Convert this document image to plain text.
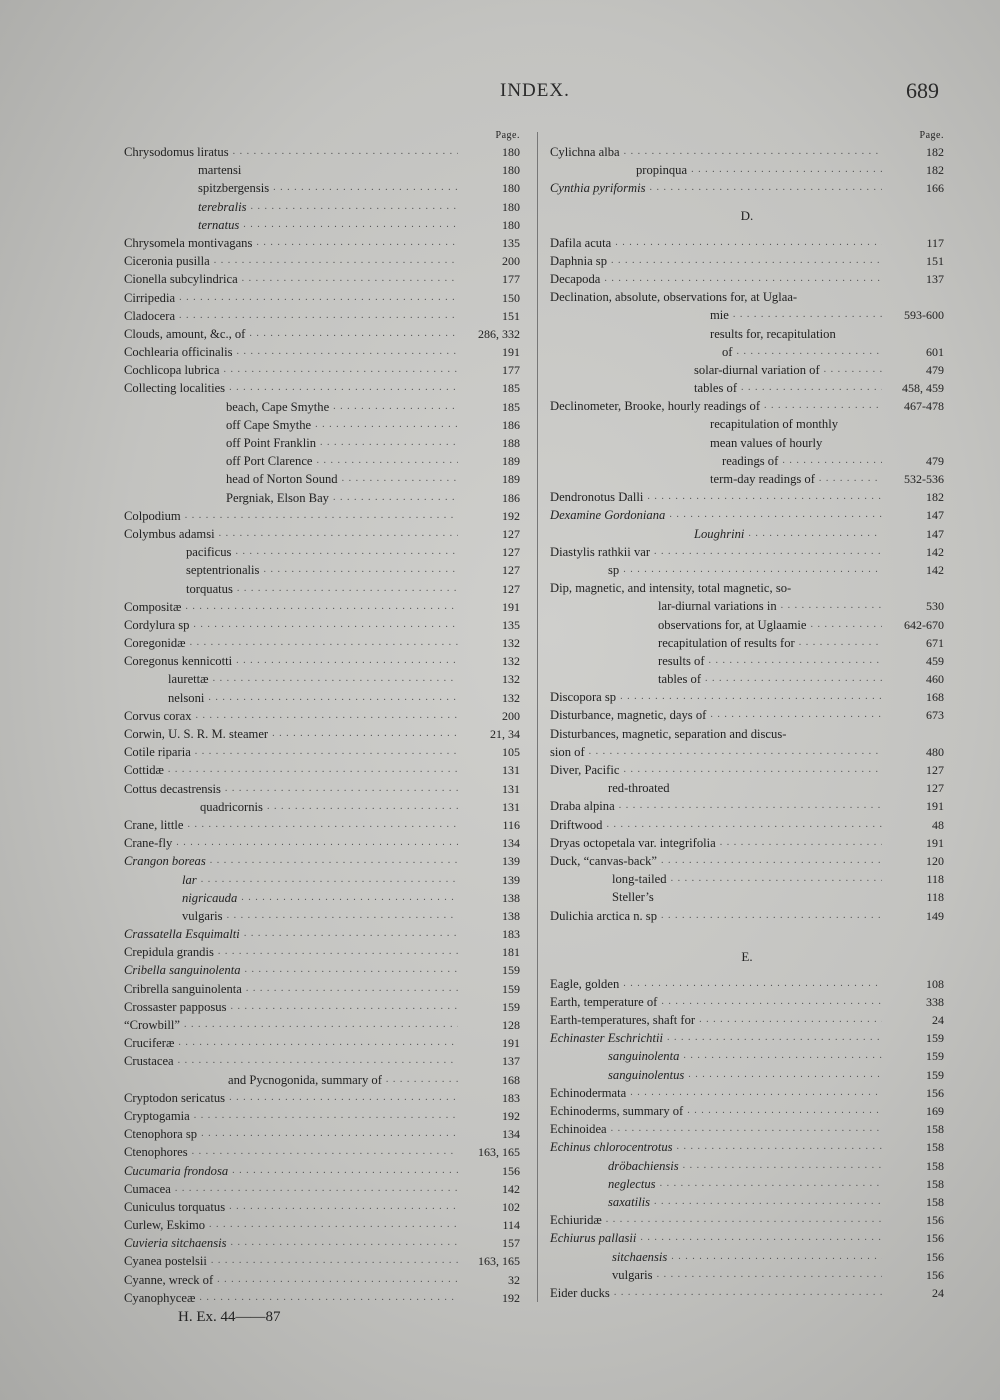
INDEX.	689
Page.
Chrysodomus liratus . . .	180
martensi	180
spitzbergensis . . .	180
terebralis . . .	180
ternatus . . .	180
Chrysomela montivagans . . .	135
Ciceronia pusilla . . .	200
Cionella subcylindrica . . .	177
Cirripedia . . .	150
Cladocera . . .	151
Clouds, amount, &c., of . . .	286, 332
Cochlearia officinalis . . .	191
Cochlicopa lubrica . . .	177
Collecting localities . . .	185
beach, Cape Smythe . . .	185
off Cape Smythe . . .	186
off Point Franklin . . .	188
off Port Clarence . . .	189
head of Norton Sound . . .	189
Pergniak, Elson Bay . . .	186
Colpodium . . .	192
Colymbus adamsi . . .	127
pacificus . . .	127
septentrionalis . . .	127
torquatus . . .	127
Compositæ . . .	191
Cordylura sp . . .	135
Coregonidæ . . .	132
Coregonus kennicotti . . .	132
laurettæ . . .	132
nelsoni . . .	132
Corvus corax . . .	200
Corwin, U. S. R. M. steamer . . .	21, 34
Cotile riparia . . .	105
Cottidæ . . .	131
Cottus decastrensis . . .	131
quadricornis . . .	131
Crane, little . . .	116
Crane-fly . . .	134
Crangon boreas . . .	139
lar . . .	139
nigricauda . . .	138
vulgaris . . .	138
Crassatella Esquimalti . . .	183
Crepidula grandis . . .	181
Cribella sanguinolenta . . .	159
Cribrella sanguinolenta . . .	159
Crossaster papposus . . .	159
“Crowbill” . . .	128
Cruciferæ . . .	191
Crustacea . . .	137
and Pycnogonida, summary of . . .	168
Cryptodon sericatus . . .	183
Cryptogamia . . .	192
Ctenophora sp . . .	134
Ctenophores . . .	163, 165
Cucumaria frondosa . . .	156
Cumacea . . .	142
Cuniculus torquatus . . .	102
Curlew, Eskimo . . .	114
Cuvieria sitchaensis . . .	157
Cyanea postelsii . . .	163, 165
Cyanne, wreck of . . .	32
Cyanophyceæ . . .	192
Page.
Cylichna alba . . .	182
propinqua . . .	182
Cynthia pyriformis . . .	166
D.
Dafila acuta . . .	117
Daphnia sp . . .	151
Decapoda . . .	137
Declination, absolute, observations for, at Uglaa-
mie . . .	593-600
results for, recapitulation
of . . .	601
solar-diurnal variation of . . .	479
tables of . . .	458, 459
Declinometer, Brooke, hourly readings of . . .	467-478
recapitulation of monthly
mean values of hourly
readings of . . .	479
term-day readings of . . .	532-536
Dendronotus Dalli . . .	182
Dexamine Gordoniana . . .	147
Loughrini . . .	147
Diastylis rathkii var . . .	142
sp . . .	142
Dip, magnetic, and intensity, total magnetic, so-
lar-diurnal variations in . . .	530
observations for, at Uglaamie . . .	642-670
recapitulation of results for . . .	671
results of . . .	459
tables of . . .	460
Discopora sp . . .	168
Disturbance, magnetic, days of . . .	673
Disturbances, magnetic, separation and discus-
sion of . . .	480
Diver, Pacific . . .	127
red-throated	127
Draba alpina . . .	191
Driftwood . . .	48
Dryas octopetala var. integrifolia . . .	191
Duck, “canvas-back” . . .	120
long-tailed . . .	118
Steller’s	118
Dulichia arctica n. sp . . .	149
E.
Eagle, golden . . .	108
Earth, temperature of . . .	338
Earth-temperatures, shaft for . . .	24
Echinaster Eschrichtii . . .	159
sanguinolenta . . .	159
sanguinolentus . . .	159
Echinodermata . . .	156
Echinoderms, summary of . . .	169
Echinoidea . . .	158
Echinus chlorocentrotus . . .	158
dröbachiensis . . .	158
neglectus . . .	158
saxatilis . . .	158
Echiuridæ . . .	156
Echiurus pallasii . . .	156
sitchaensis . . .	156
vulgaris . . .	156
Eider ducks . . .	24
H. Ex. 44——87
